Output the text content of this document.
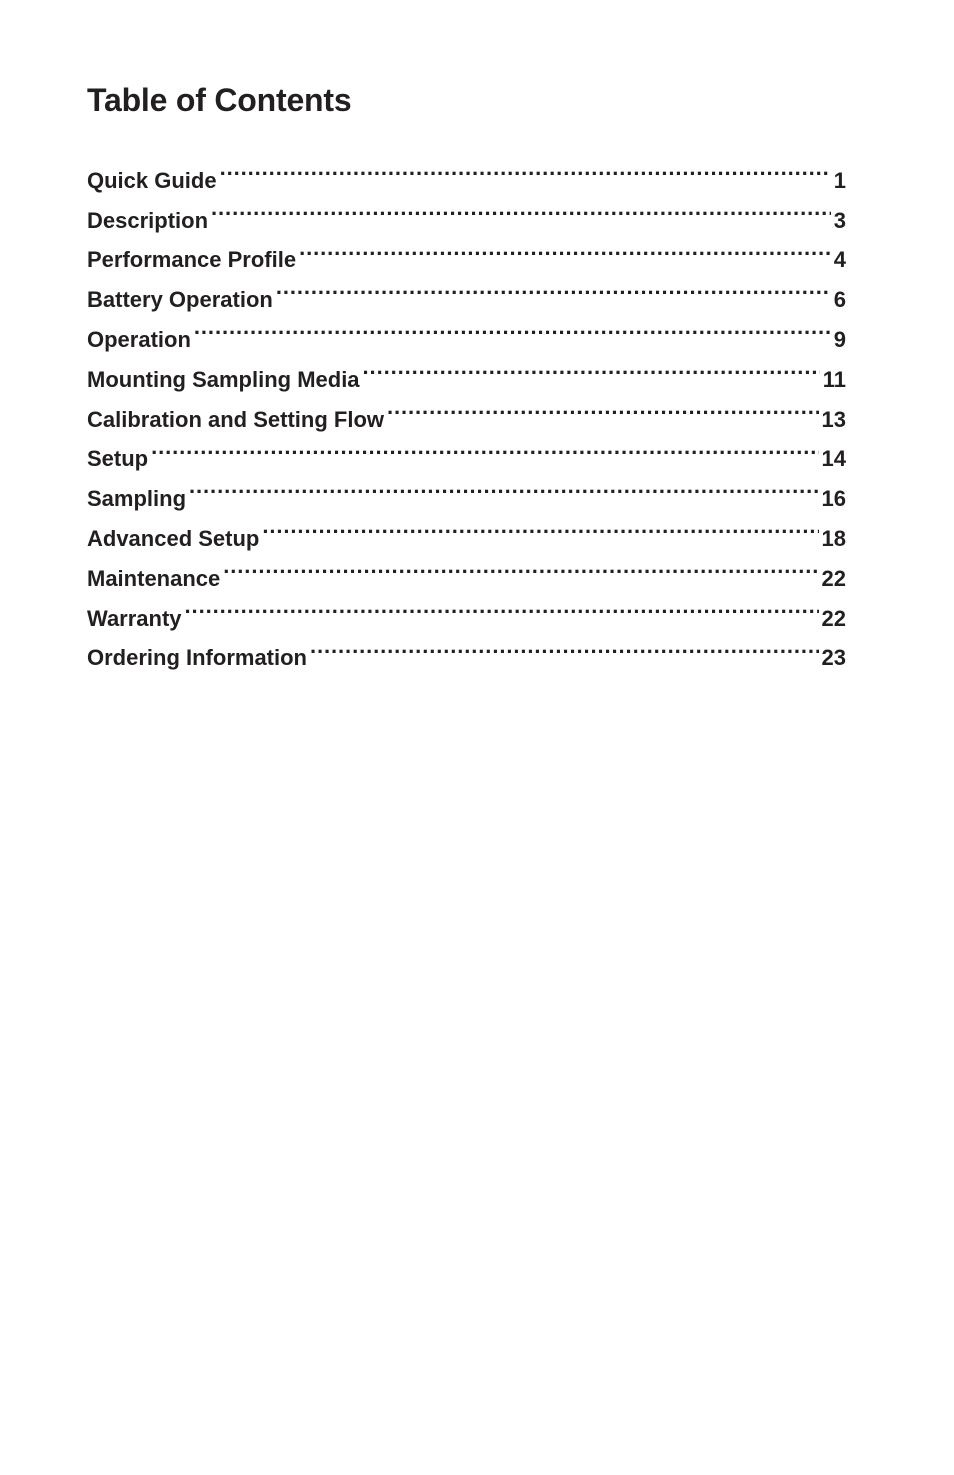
Table of Contents
Quick Guide .....	1
Description .....	3
Performance Profile .....	4
Battery Operation .....	6
Operation .....	9
Mounting Sampling Media .....	11
Calibration and Setting Flow .....	13
Setup .....	14
Sampling .....	16
Advanced Setup .....	18
Maintenance .....	22
Warranty .....	22
Ordering Information .....	23
